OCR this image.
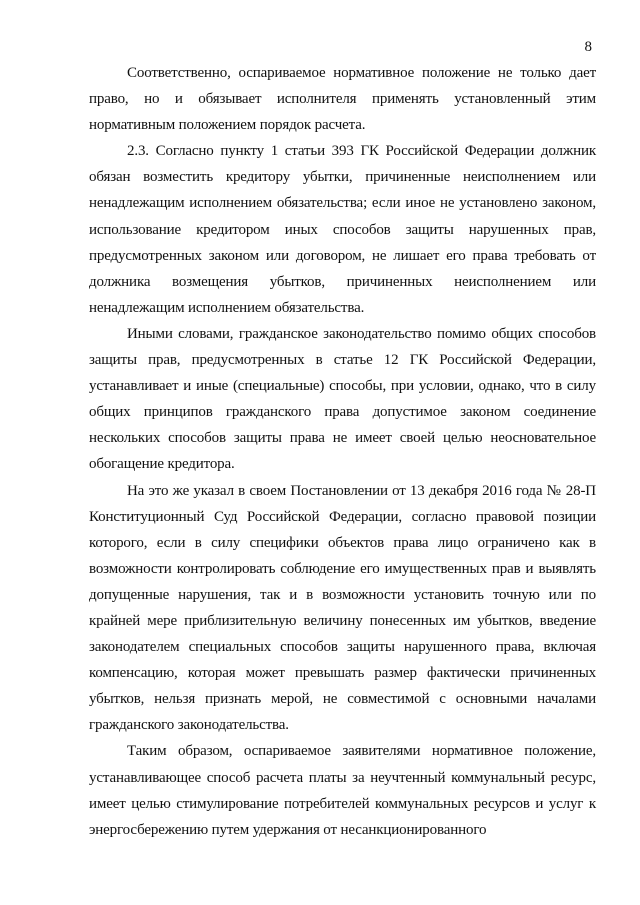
8

Соответственно, оспариваемое нормативное положение не только дает право, но и обязывает исполнителя применять установленный этим нормативным положением порядок расчета.

2.3. Согласно пункту 1 статьи 393 ГК Российской Федерации должник обязан возместить кредитору убытки, причиненные неисполнением или ненадлежащим исполнением обязательства; если иное не установлено законом, использование кредитором иных способов защиты нарушенных прав, предусмотренных законом или договором, не лишает его права требовать от должника возмещения убытков, причиненных неисполнением или ненадлежащим исполнением обязательства.

Иными словами, гражданское законодательство помимо общих способов защиты прав, предусмотренных в статье 12 ГК Российской Федерации, устанавливает и иные (специальные) способы, при условии, однако, что в силу общих принципов гражданского права допустимое законом соединение нескольких способов защиты права не имеет своей целью неосновательное обогащение кредитора.

На это же указал в своем Постановлении от 13 декабря 2016 года № 28-П Конституционный Суд Российской Федерации, согласно правовой позиции которого, если в силу специфики объектов права лицо ограничено как в возможности контролировать соблюдение его имущественных прав и выявлять допущенные нарушения, так и в возможности установить точную или по крайней мере приблизительную величину понесенных им убытков, введение законодателем специальных способов защиты нарушенного права, включая компенсацию, которая может превышать размер фактически причиненных убытков, нельзя признать мерой, не совместимой с основными началами гражданского законодательства.

Таким образом, оспариваемое заявителями нормативное положение, устанавливающее способ расчета платы за неучтенный коммунальный ресурс, имеет целью стимулирование потребителей коммунальных ресурсов и услуг к энергосбережению путем удержания от несанкционированного
